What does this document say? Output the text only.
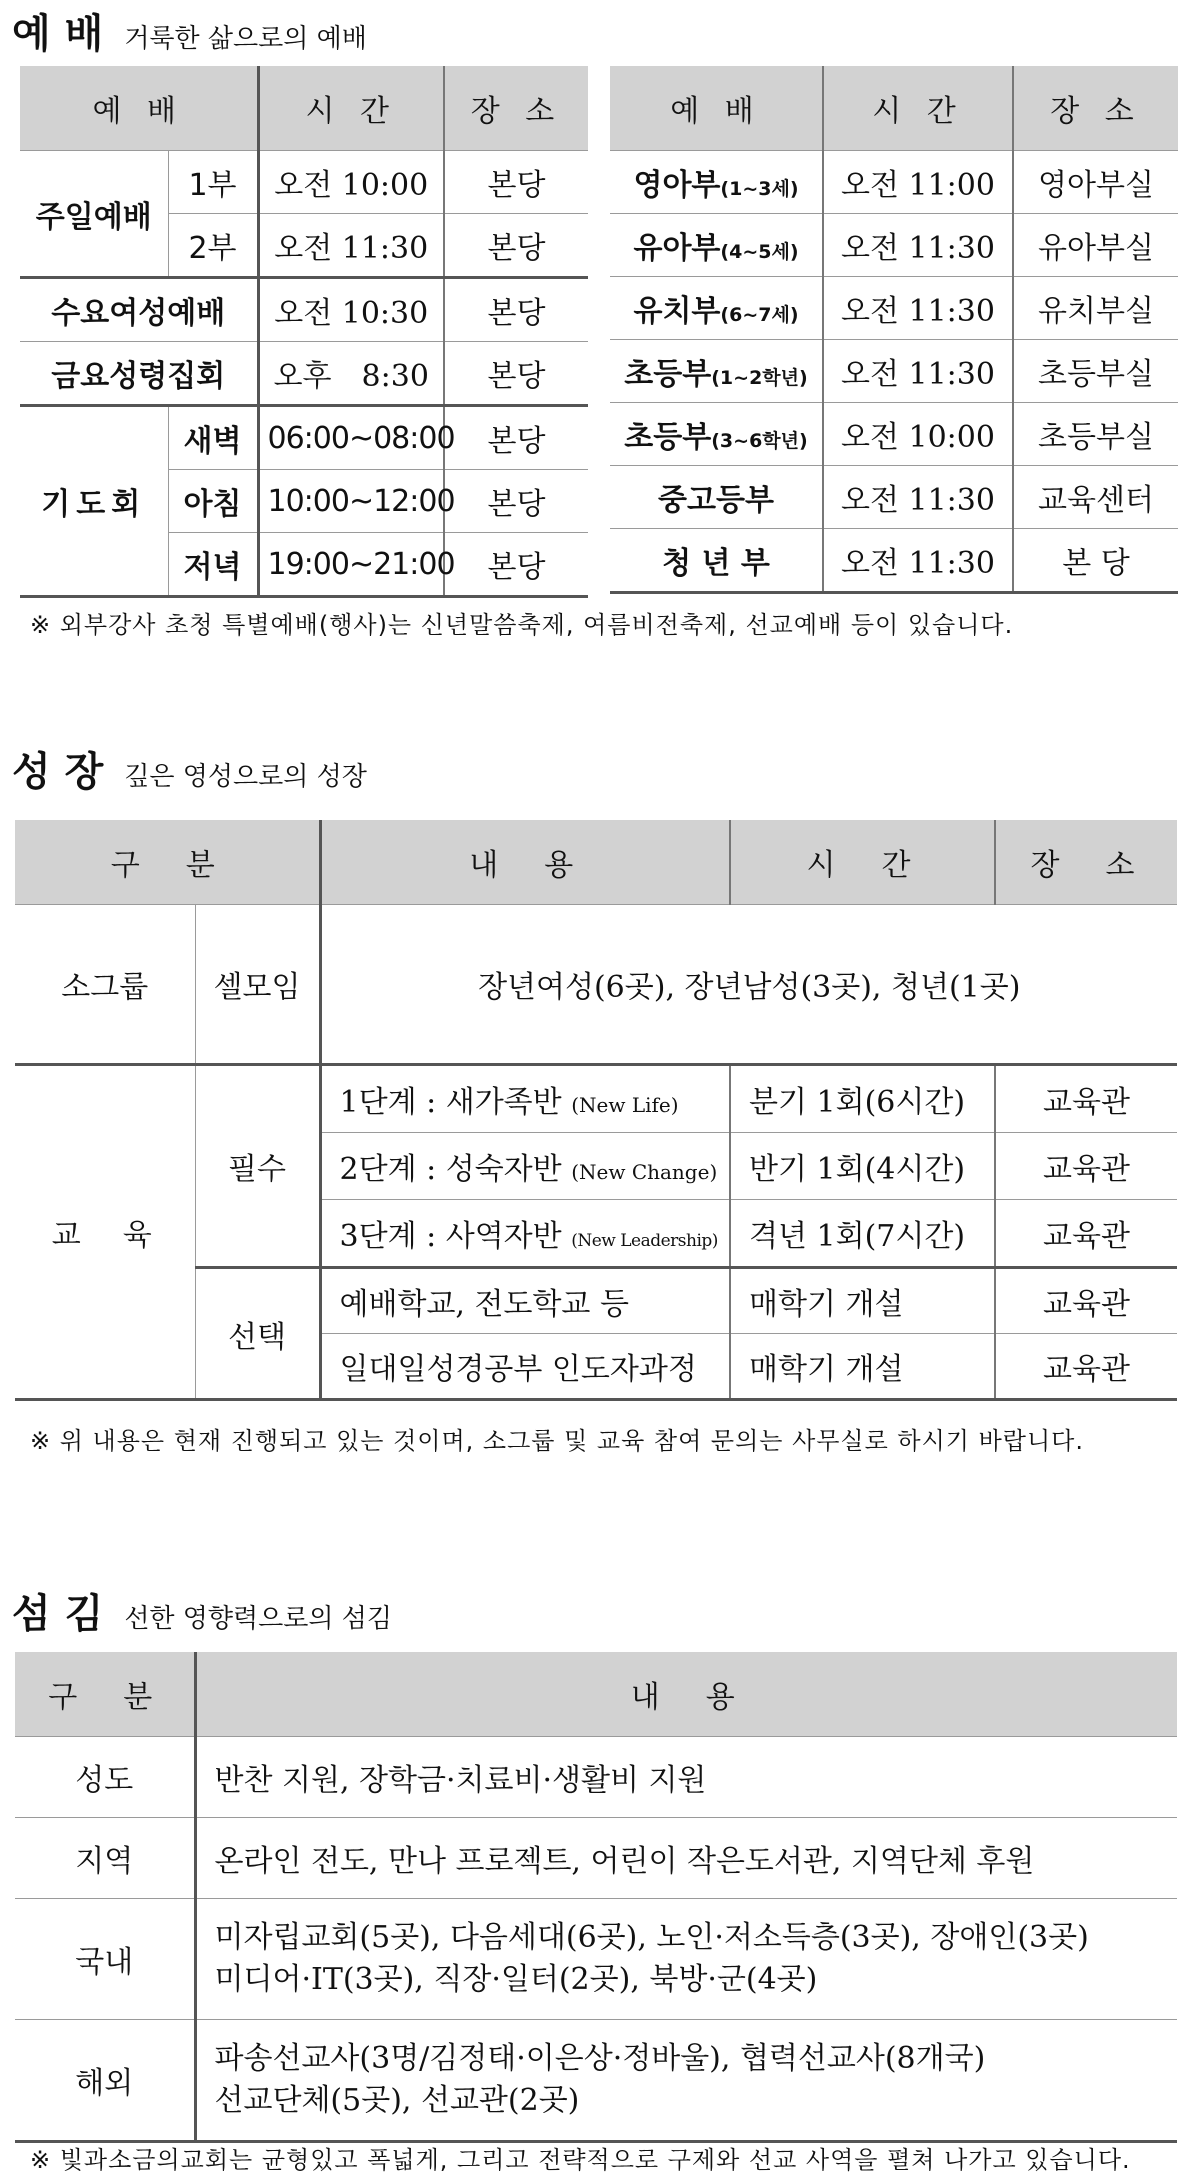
예 배 거룩한 삶으로의 예배
예 배		시 간	장 소
주일예배	1부	오전 10:00	본당
	2부	오전 11:30	본당
수요여성예배		오전 10:30	본당
금요성령집회		오후　8:30	본당
기도회	새벽	06:00~08:00	본당
	아침	10:00~12:00	본당
	저녁	19:00~21:00	본당
예 배	시 간	장 소
영아부(1~3세)	오전 11:00	영아부실
유아부(4~5세)	오전 11:30	유아부실
유치부(6~7세)	오전 11:30	유치부실
초등부(1~2학년)	오전 11:30	초등부실
초등부(3~6학년)	오전 10:00	초등부실
중고등부	오전 11:30	교육센터
청 년 부	오전 11:30	본 당
※ 외부강사 초청 특별예배(행사)는 신년말씀축제, 여름비전축제, 선교예배 등이 있습니다.
성 장 깊은 영성으로의 성장
구　분		내　용	시　간	장　소
소그룹	셀모임	장년여성(6곳), 장년남성(3곳), 청년(1곳)		
교　육	필수	1단계 : 새가족반 (New Life)	분기 1회(6시간)	교육관
		2단계 : 성숙자반 (New Change)	반기 1회(4시간)	교육관
		3단계 : 사역자반 (New Leadership)	격년 1회(7시간)	교육관
	선택	예배학교, 전도학교 등	매학기 개설	교육관
		일대일성경공부 인도자과정	매학기 개설	교육관
※ 위 내용은 현재 진행되고 있는 것이며, 소그룹 및 교육 참여 문의는 사무실로 하시기 바랍니다.
섬 김 선한 영향력으로의 섬김
구　분	내　용
성도	반찬 지원, 장학금·치료비·생활비 지원

지역	온라인 전도, 만나 프로젝트, 어린이 작은도서관, 지역단체 후원

국내	미자립교회(5곳), 다음세대(6곳), 노인·저소득층(3곳), 장애인(3곳)
미디어·IT(3곳), 직장·일터(2곳), 북방·군(4곳)

해외	파송선교사(3명/김정태·이은상·정바울), 협력선교사(8개국)
선교단체(5곳), 선교관(2곳)
※ 빛과소금의교회는 균형있고 폭넓게, 그리고 전략적으로 구제와 선교 사역을 펼쳐 나가고 있습니다.
